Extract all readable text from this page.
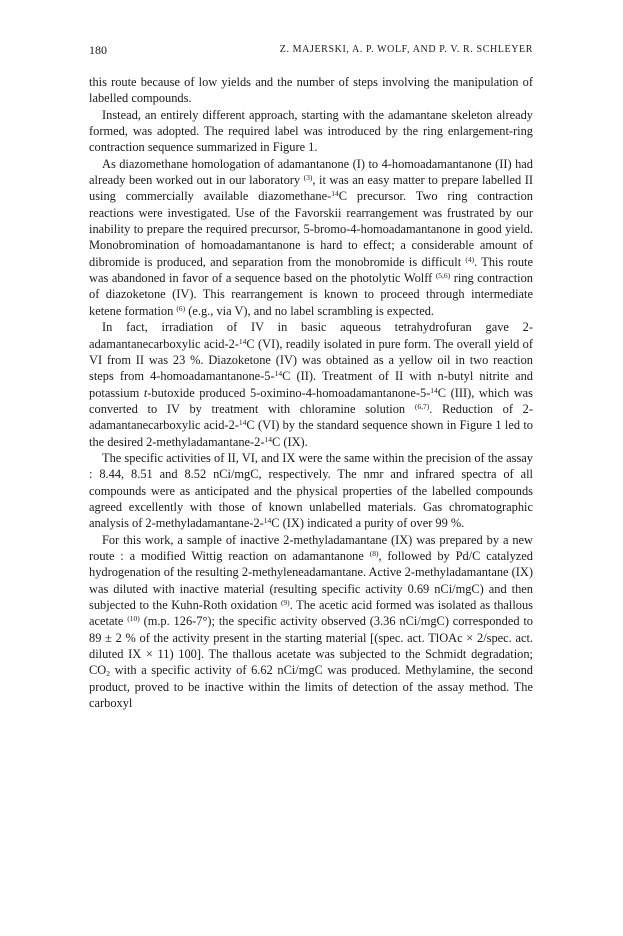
180	Z. MAJERSKI, A. P. WOLF, AND P. V. R. SCHLEYER

this route because of low yields and the number of steps involving the manipulation of labelled compounds.

Instead, an entirely different approach, starting with the adamantane skeleton already formed, was adopted. The required label was introduced by the ring enlargement-ring contraction sequence summarized in Figure 1.

As diazomethane homologation of adamantanone (I) to 4-homoadamantanone (II) had already been worked out in our laboratory $^{(3)}$, it was an easy matter to prepare labelled II using commercially available diazomethane-$^{14}$C precursor. Two ring contraction reactions were investigated. Use of the Favorskii rearrangement was frustrated by our inability to prepare the required precursor, 5-bromo-4-homoadamantanone in good yield. Monobromination of homoadamantanone is hard to effect; a considerable amount of dibromide is produced, and separation from the monobromide is difficult $^{(4)}$. This route was abandoned in favor of a sequence based on the photolytic Wolff $^{(5,6)}$ ring contraction of diazoketone (IV). This rearrangement is known to proceed through intermediate ketene formation $^{(6)}$ (e.g., via V), and no label scrambling is expected.

In fact, irradiation of IV in basic aqueous tetrahydrofuran gave 2-adamantanecarboxylic acid-2-$^{14}$C (VI), readily isolated in pure form. The overall yield of VI from II was 23 %. Diazoketone (IV) was obtained as a yellow oil in two reaction steps from 4-homoadamantanone-5-$^{14}$C (II). Treatment of II with n-butyl nitrite and potassium t-butoxide produced 5-oximino-4-homoadamantanone-5-$^{14}$C (III), which was converted to IV by treatment with chloramine solution $^{(6,7)}$. Reduction of 2-adamantanecarboxylic acid-2-$^{14}$C (VI) by the standard sequence shown in Figure 1 led to the desired 2-methyladamantane-2-$^{14}$C (IX).

The specific activities of II, VI, and IX were the same within the precision of the assay : 8.44, 8.51 and 8.52 nCi/mgC, respectively. The nmr and infrared spectra of all compounds were as anticipated and the physical properties of the labelled compounds agreed excellently with those of known unlabelled materials. Gas chromatographic analysis of 2-methyladamantane-2-$^{14}$C (IX) indicated a purity of over 99 %.

For this work, a sample of inactive 2-methyladamantane (IX) was prepared by a new route : a modified Wittig reaction on adamantanone $^{(8)}$, followed by Pd/C catalyzed hydrogenation of the resulting 2-methyleneadamantane. Active 2-methyladamantane (IX) was diluted with inactive material (resulting specific activity 0.69 nCi/mgC) and then subjected to the Kuhn-Roth oxidation $^{(9)}$. The acetic acid formed was isolated as thallous acetate $^{(10)}$ (m.p. 126-7°); the specific activity observed (3.36 nCi/mgC) corresponded to 89 ± 2 % of the activity present in the starting material [(spec. act. TlOAc × 2/spec. act. diluted IX × 11) 100]. The thallous acetate was subjected to the Schmidt degradation; $CO_2$ with a specific activity of 6.62 nCi/mgC was produced. Methylamine, the second product, proved to be inactive within the limits of detection of the assay method. The carboxyl
